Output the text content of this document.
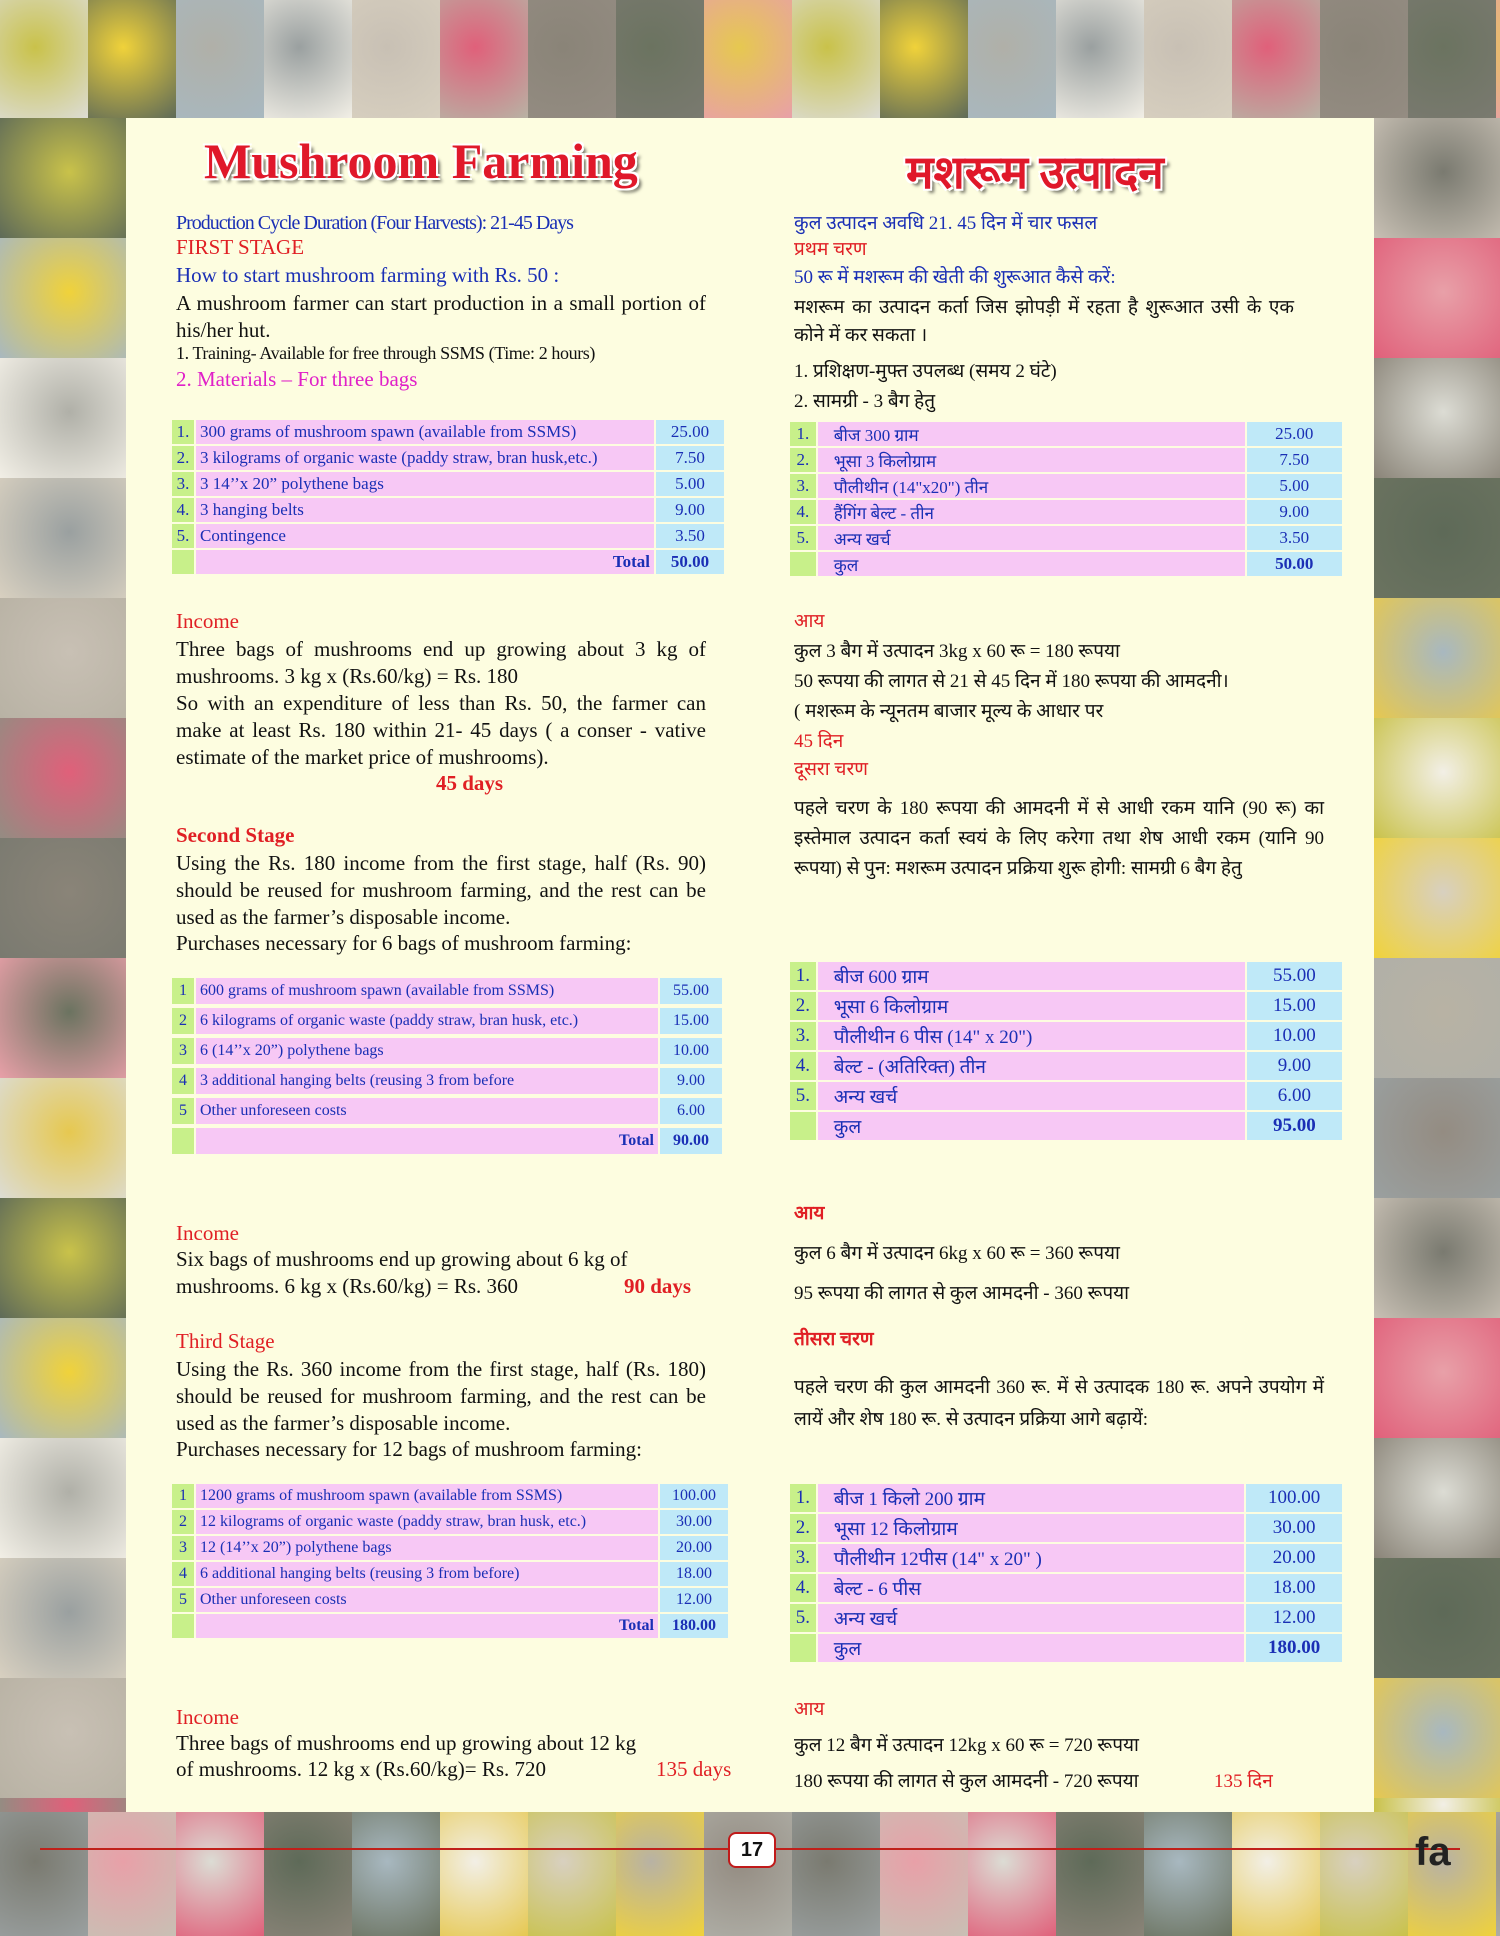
Mushroom Farming
Production Cycle Duration (Four Harvests): 21-45 Days
FIRST STAGE
How to start mushroom farming with Rs. 50 :
A mushroom farmer can start production in a small portion of his/her hut.
1. Training- Available for free through SSMS (Time: 2 hours)
2. Materials – For three bags
1.	300 grams of mushroom spawn (available from SSMS)	25.00
2.	3 kilograms of organic waste (paddy straw, bran husk,etc.)	7.50
3.	3 14’’x 20” polythene bags	5.00
4.	3 hanging belts	9.00
5.	Contingence	3.50
	Total	50.00
Income
Three bags of mushrooms end up growing about 3 kg of mushrooms. 3 kg x (Rs.60/kg) = Rs. 180
So with an expenditure of less than Rs. 50, the farmer can make at least Rs. 180 within 21- 45 days ( a conser - vative estimate of the market price of mushrooms).
45 days
Second Stage
Using the Rs. 180 income from the first stage, half (Rs. 90) should be reused for mushroom farming, and the rest can be used as the farmer’s disposable income.
Purchases necessary for 6 bags of mushroom farming:
1	600 grams of mushroom spawn (available from SSMS)	55.00
2	6 kilograms of organic waste (paddy straw, bran husk, etc.)	15.00
3	6 (14’’x 20”) polythene bags	10.00
4	3 additional hanging belts (reusing 3 from before	9.00
5	Other unforeseen costs	6.00
	Total	90.00
Income
Six bags of mushrooms end up growing about 6 kg of
mushrooms. 6 kg x (Rs.60/kg) = Rs. 360	90 days
Third Stage
Using the Rs. 360 income from the first stage, half (Rs. 180) should be reused for mushroom farming, and the rest can be used as the farmer’s disposable income.
Purchases necessary for 12 bags of mushroom farming:
1	1200 grams of mushroom spawn (available from SSMS)	100.00
2	12 kilograms of organic waste (paddy straw, bran husk, etc.)	30.00
3	12 (14’’x 20”) polythene bags	20.00
4	6 additional hanging belts (reusing 3 from before)	18.00
5	Other unforeseen costs	12.00
	Total	180.00
Income
Three bags of mushrooms end up growing about 12 kg
of mushrooms. 12 kg x (Rs.60/kg)= Rs. 720	135 days
मशरूम उत्पादन
कुल उत्पादन अवधि 21. 45 दिन में चार फसल
प्रथम चरण
50 रू में मशरूम की खेती की शुरूआत कैसे करें:
मशरूम का उत्पादन कर्ता जिस झोपड़ी में रहता है शुरूआत उसी के एक कोने में कर सकता ।
1. प्रशिक्षण-मुफ्त उपलब्ध (समय 2 घंटे)
2. सामग्री - 3 बैग हेतु
1.	बीज 300 ग्राम	25.00
2.	भूसा 3 किलोग्राम	7.50
3.	पौलीथीन (14"x20") तीन	5.00
4.	हैंगिंग बेल्ट - तीन	9.00
5.	अन्य खर्च	3.50
	कुल	50.00
आय
कुल 3 बैग में उत्पादन 3kg x 60 रू = 180 रूपया
50 रूपया की लागत से 21 से 45 दिन में 180 रूपया की आमदनी।
( मशरूम के न्यूनतम बाजार मूल्य के आधार पर
45 दिन
दूसरा चरण
पहले चरण के 180 रूपया की आमदनी में से आधी रकम यानि (90 रू) का इस्तेमाल उत्पादन कर्ता स्वयं के लिए करेगा तथा शेष आधी रकम (यानि 90 रूपया) से पुन: मशरूम उत्पादन प्रक्रिया शुरू होगी: सामग्री 6 बैग हेतु
1.	बीज 600 ग्राम	55.00
2.	भूसा 6 किलोग्राम	15.00
3.	पौलीथीन 6 पीस (14" x 20")	10.00
4.	बेल्ट - (अतिरिक्त) तीन	9.00
5.	अन्य खर्च	6.00
	कुल	95.00
आय
कुल 6 बैग में उत्पादन 6kg x 60 रू = 360 रूपया
95 रूपया की लागत से कुल आमदनी - 360 रूपया
तीसरा चरण
पहले चरण की कुल आमदनी 360 रू. में से उत्पादक 180 रू. अपने उपयोग में लायें और शेष 180 रू. से उत्पादन प्रक्रिया आगे बढ़ायें:
1.	बीज 1 किलो 200 ग्राम	100.00
2.	भूसा 12 किलोग्राम	30.00
3.	पौलीथीन 12पीस (14" x 20" )	20.00
4.	बेल्ट - 6 पीस	18.00
5.	अन्य खर्च	12.00
	कुल	180.00
आय
कुल 12 बैग में उत्पादन 12kg x 60 रू = 720 रूपया
180 रूपया की लागत से कुल आमदनी - 720 रूपया	135 दिन
17	fa
